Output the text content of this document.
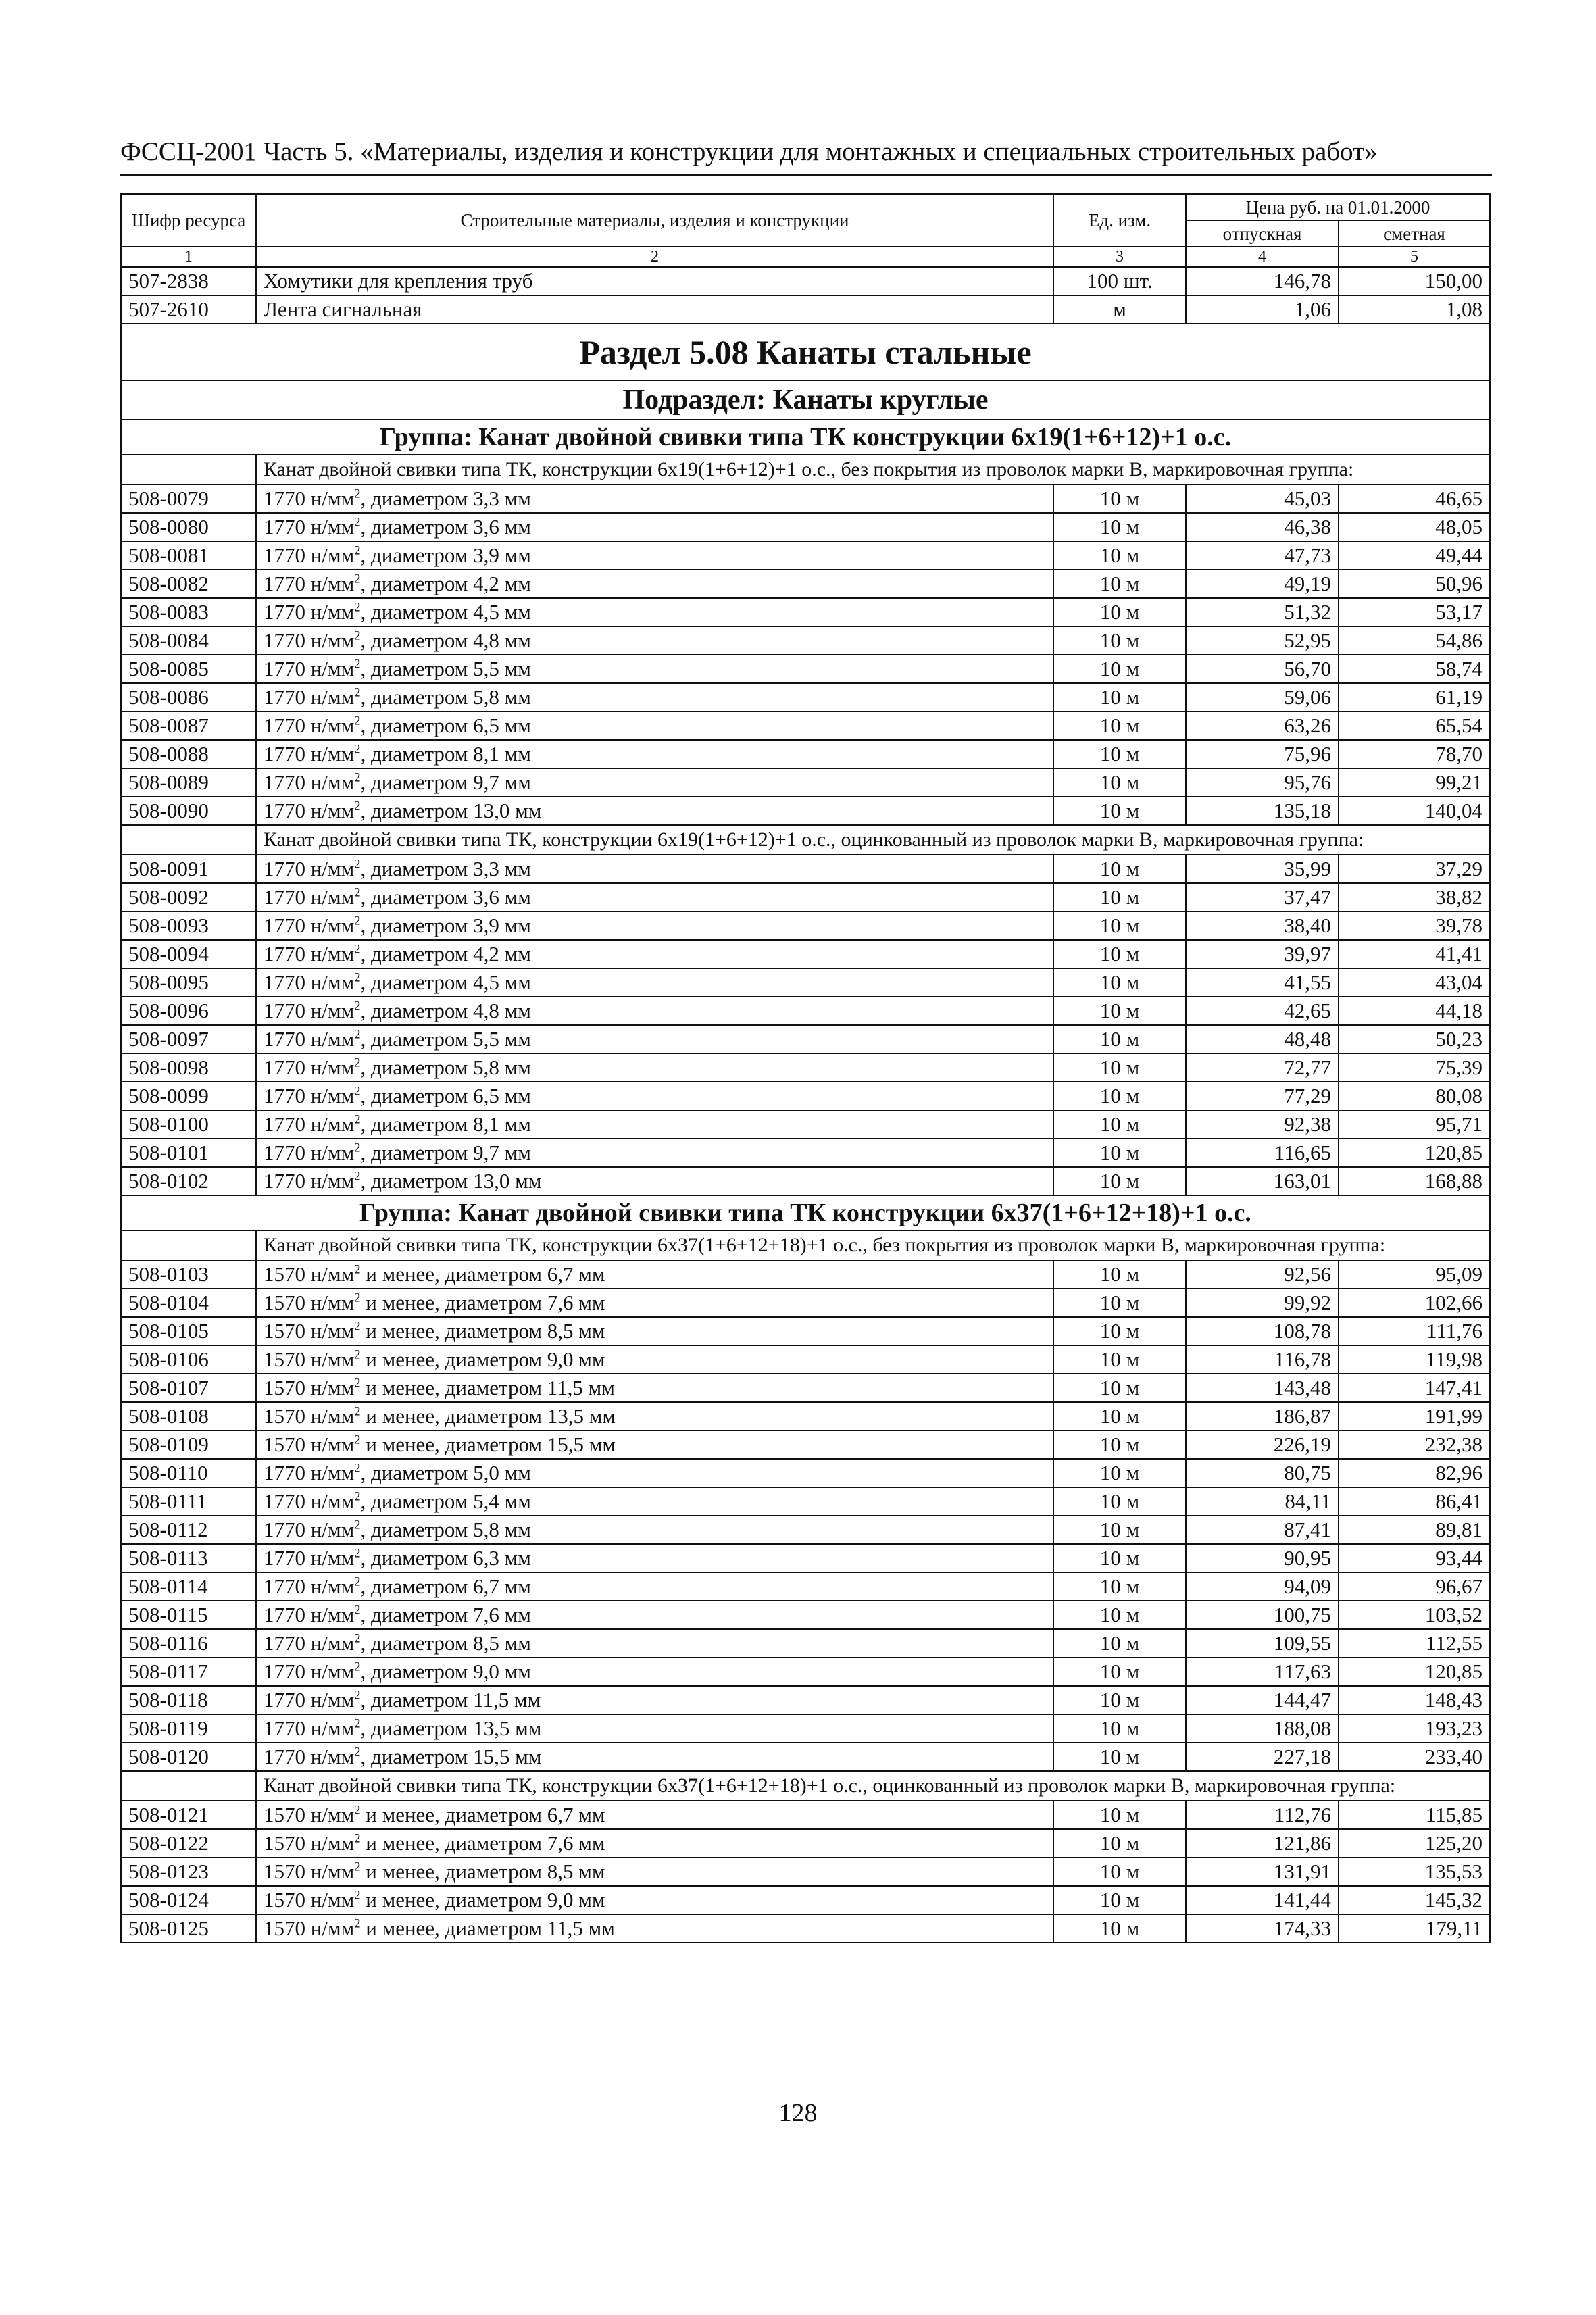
ФССЦ-2001 Часть 5. «Материалы, изделия и конструкции для монтажных и специальных строительных работ»
Шифр ресурса	Строительные материалы, изделия и конструкции	Ед. изм.	Цена руб. на 01.01.2000	
			отпускная	сметная
1	2	3	4	5
507-2838	Хомутики для крепления труб	100 шт.	146,78	150,00
507-2610	Лента сигнальная	м	1,06	1,08
Раздел 5.08 Канаты стальные				
Подраздел: Канаты круглые				
Группа: Канат двойной свивки типа ТК конструкции 6х19(1+6+12)+1 о.с.				
	Канат двойной свивки типа ТК, конструкции 6х19(1+6+12)+1 о.с., без покрытия из проволок марки В, маркировочная группа:			
508-0079	1770 $н/мм^2$, диаметром 3,3 мм	10 м	45,03	46,65
508-0080	1770 $н/мм^2$, диаметром 3,6 мм	10 м	46,38	48,05
508-0081	1770 $н/мм^2$, диаметром 3,9 мм	10 м	47,73	49,44
508-0082	1770 $н/мм^2$, диаметром 4,2 мм	10 м	49,19	50,96
508-0083	1770 $н/мм^2$, диаметром 4,5 мм	10 м	51,32	53,17
508-0084	1770 $н/мм^2$, диаметром 4,8 мм	10 м	52,95	54,86
508-0085	1770 $н/мм^2$, диаметром 5,5 мм	10 м	56,70	58,74
508-0086	1770 $н/мм^2$, диаметром 5,8 мм	10 м	59,06	61,19
508-0087	1770 $н/мм^2$, диаметром 6,5 мм	10 м	63,26	65,54
508-0088	1770 $н/мм^2$, диаметром 8,1 мм	10 м	75,96	78,70
508-0089	1770 $н/мм^2$, диаметром 9,7 мм	10 м	95,76	99,21
508-0090	1770 $н/мм^2$, диаметром 13,0 мм	10 м	135,18	140,04
	Канат двойной свивки типа ТК, конструкции 6х19(1+6+12)+1 о.с., оцинкованный из проволок марки В, маркировочная группа:			
508-0091	1770 $н/мм^2$, диаметром 3,3 мм	10 м	35,99	37,29
508-0092	1770 $н/мм^2$, диаметром 3,6 мм	10 м	37,47	38,82
508-0093	1770 $н/мм^2$, диаметром 3,9 мм	10 м	38,40	39,78
508-0094	1770 $н/мм^2$, диаметром 4,2 мм	10 м	39,97	41,41
508-0095	1770 $н/мм^2$, диаметром 4,5 мм	10 м	41,55	43,04
508-0096	1770 $н/мм^2$, диаметром 4,8 мм	10 м	42,65	44,18
508-0097	1770 $н/мм^2$, диаметром 5,5 мм	10 м	48,48	50,23
508-0098	1770 $н/мм^2$, диаметром 5,8 мм	10 м	72,77	75,39
508-0099	1770 $н/мм^2$, диаметром 6,5 мм	10 м	77,29	80,08
508-0100	1770 $н/мм^2$, диаметром 8,1 мм	10 м	92,38	95,71
508-0101	1770 $н/мм^2$, диаметром 9,7 мм	10 м	116,65	120,85
508-0102	1770 $н/мм^2$, диаметром 13,0 мм	10 м	163,01	168,88
Группа: Канат двойной свивки типа ТК конструкции 6х37(1+6+12+18)+1 о.с.				
	Канат двойной свивки типа ТК, конструкции 6х37(1+6+12+18)+1 о.с., без покрытия из проволок марки В, маркировочная группа:			
508-0103	1570 $н/мм^2$ и менее, диаметром 6,7 мм	10 м	92,56	95,09
508-0104	1570 $н/мм^2$ и менее, диаметром 7,6 мм	10 м	99,92	102,66
508-0105	1570 $н/мм^2$ и менее, диаметром 8,5 мм	10 м	108,78	111,76
508-0106	1570 $н/мм^2$ и менее, диаметром 9,0 мм	10 м	116,78	119,98
508-0107	1570 $н/мм^2$ и менее, диаметром 11,5 мм	10 м	143,48	147,41
508-0108	1570 $н/мм^2$ и менее, диаметром 13,5 мм	10 м	186,87	191,99
508-0109	1570 $н/мм^2$ и менее, диаметром 15,5 мм	10 м	226,19	232,38
508-0110	1770 $н/мм^2$, диаметром 5,0 мм	10 м	80,75	82,96
508-0111	1770 $н/мм^2$, диаметром 5,4 мм	10 м	84,11	86,41
508-0112	1770 $н/мм^2$, диаметром 5,8 мм	10 м	87,41	89,81
508-0113	1770 $н/мм^2$, диаметром 6,3 мм	10 м	90,95	93,44
508-0114	1770 $н/мм^2$, диаметром 6,7 мм	10 м	94,09	96,67
508-0115	1770 $н/мм^2$, диаметром 7,6 мм	10 м	100,75	103,52
508-0116	1770 $н/мм^2$, диаметром 8,5 мм	10 м	109,55	112,55
508-0117	1770 $н/мм^2$, диаметром 9,0 мм	10 м	117,63	120,85
508-0118	1770 $н/мм^2$, диаметром 11,5 мм	10 м	144,47	148,43
508-0119	1770 $н/мм^2$, диаметром 13,5 мм	10 м	188,08	193,23
508-0120	1770 $н/мм^2$, диаметром 15,5 мм	10 м	227,18	233,40
	Канат двойной свивки типа ТК, конструкции 6х37(1+6+12+18)+1 о.с., оцинкованный из проволок марки В, маркировочная группа:			
508-0121	1570 $н/мм^2$ и менее, диаметром 6,7 мм	10 м	112,76	115,85
508-0122	1570 $н/мм^2$ и менее, диаметром 7,6 мм	10 м	121,86	125,20
508-0123	1570 $н/мм^2$ и менее, диаметром 8,5 мм	10 м	131,91	135,53
508-0124	1570 $н/мм^2$ и менее, диаметром 9,0 мм	10 м	141,44	145,32
508-0125	1570 $н/мм^2$ и менее, диаметром 11,5 мм	10 м	174,33	179,11
128
